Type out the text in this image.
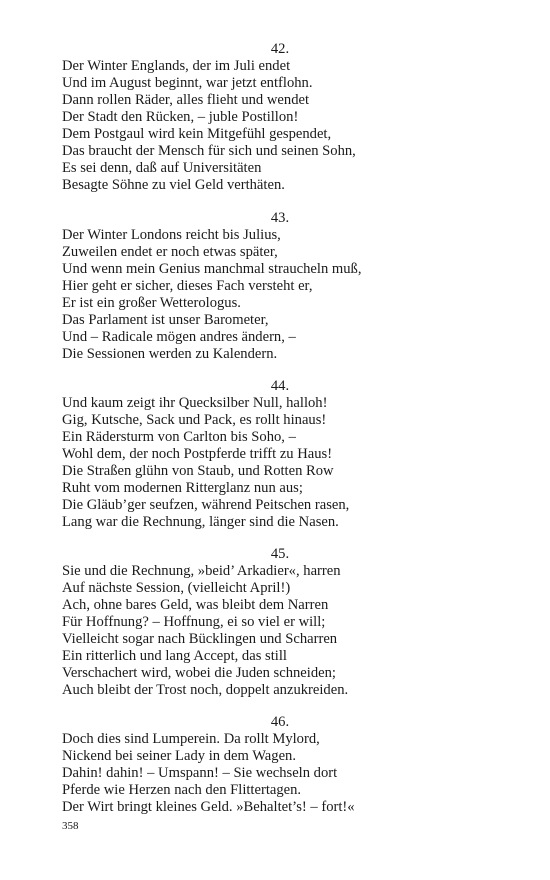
42.
Der Winter Englands, der im Juli endet
Und im August beginnt, war jetzt entflohn.
Dann rollen Räder, alles flieht und wendet
Der Stadt den Rücken, – juble Postillon!
Dem Postgaul wird kein Mitgefühl gespendet,
Das braucht der Mensch für sich und seinen Sohn,
Es sei denn, daß auf Universitäten
Besagte Söhne zu viel Geld verthäten.
43.
Der Winter Londons reicht bis Julius,
Zuweilen endet er noch etwas später,
Und wenn mein Genius manchmal straucheln muß,
Hier geht er sicher, dieses Fach versteht er,
Er ist ein großer Wetterologus.
Das Parlament ist unser Barometer,
Und – Radicale mögen andres ändern, –
Die Sessionen werden zu Kalendern.
44.
Und kaum zeigt ihr Quecksilber Null, halloh!
Gig, Kutsche, Sack und Pack, es rollt hinaus!
Ein Rädersturm von Carlton bis Soho, –
Wohl dem, der noch Postpferde trifft zu Haus!
Die Straßen glühn von Staub, und Rotten Row
Ruht vom modernen Ritterglanz nun aus;
Die Gläub’ger seufzen, während Peitschen rasen,
Lang war die Rechnung, länger sind die Nasen.
45.
Sie und die Rechnung, »beid’ Arkadier«, harren
Auf nächste Session, (vielleicht April!)
Ach, ohne bares Geld, was bleibt dem Narren
Für Hoffnung? – Hoffnung, ei so viel er will;
Vielleicht sogar nach Bücklingen und Scharren
Ein ritterlich und lang Accept, das still
Verschachert wird, wobei die Juden schneiden;
Auch bleibt der Trost noch, doppelt anzukreiden.
46.
Doch dies sind Lumperein. Da rollt Mylord,
Nickend bei seiner Lady in dem Wagen.
Dahin! dahin! – Umspann! – Sie wechseln dort
Pferde wie Herzen nach den Flittertagen.
Der Wirt bringt kleines Geld. »Behaltet’s! – fort!«
358
